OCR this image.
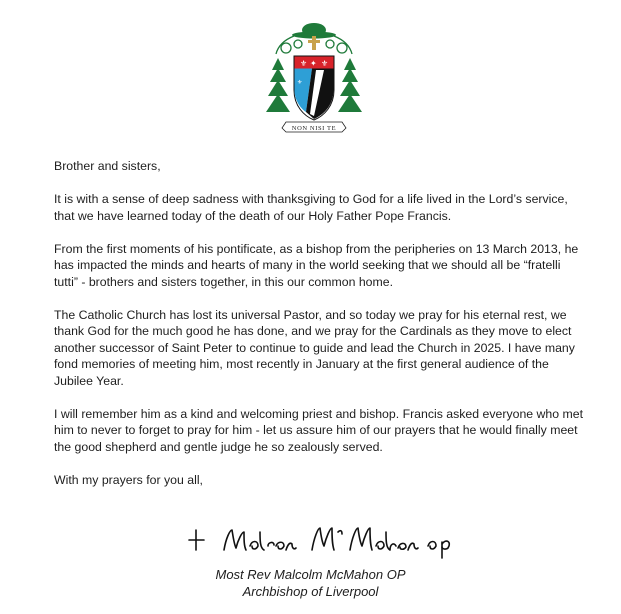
⚜ ✦ ⚜
⚜
NON NISI TE

Brother and sisters,

It is with a sense of deep sadness with thanksgiving to God for a life lived in the Lord’s service, that we have learned today of the death of our Holy Father Pope Francis.

From the first moments of his pontificate, as a bishop from the peripheries on 13 March 2013, he has impacted the minds and hearts of many in the world seeking that we should all be “fratelli tutti” - brothers and sisters together, in this our common home.

The Catholic Church has lost its universal Pastor, and so today we pray for his eternal rest, we thank God for the much good he has done, and we pray for the Cardinals as they move to elect another successor of Saint Peter to continue to guide and lead the Church in 2025. I have many fond memories of meeting him, most recently in January at the first general audience of the Jubilee Year.

I will remember him as a kind and welcoming priest and bishop. Francis asked everyone who met him to never to forget to pray for him - let us assure him of our prayers that he would finally meet the good shepherd and gentle judge he so zealously served.

With my prayers for you all,

Most Rev Malcolm McMahon OP
Archbishop of Liverpool
